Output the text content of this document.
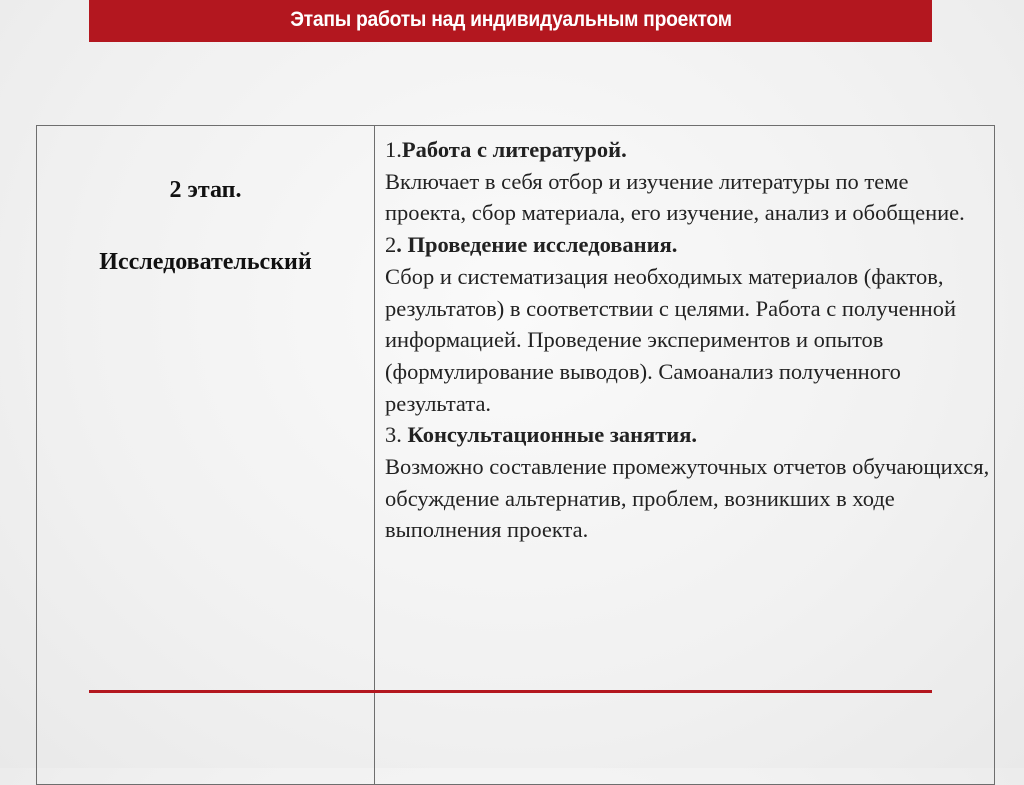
Этапы работы над индивидуальным проектом
2 этап.
Исследовательский

1.Работа с литературой.

Включает в себя отбор и изучение литературы по теме проекта, сбор материала, его изучение, анализ и обобщение.

2. Проведение исследования.

Сбор и систематизация необходимых материалов (фактов, результатов) в соответствии с целями. Работа с полученной информацией. Проведение экспериментов и опытов (формулирование выводов). Самоанализ полученного результата.

3. Консультационные занятия.

Возможно составление промежуточных отчетов обучающихся, обсуждение альтернатив, проблем, возникших в ходе выполнения проекта.
